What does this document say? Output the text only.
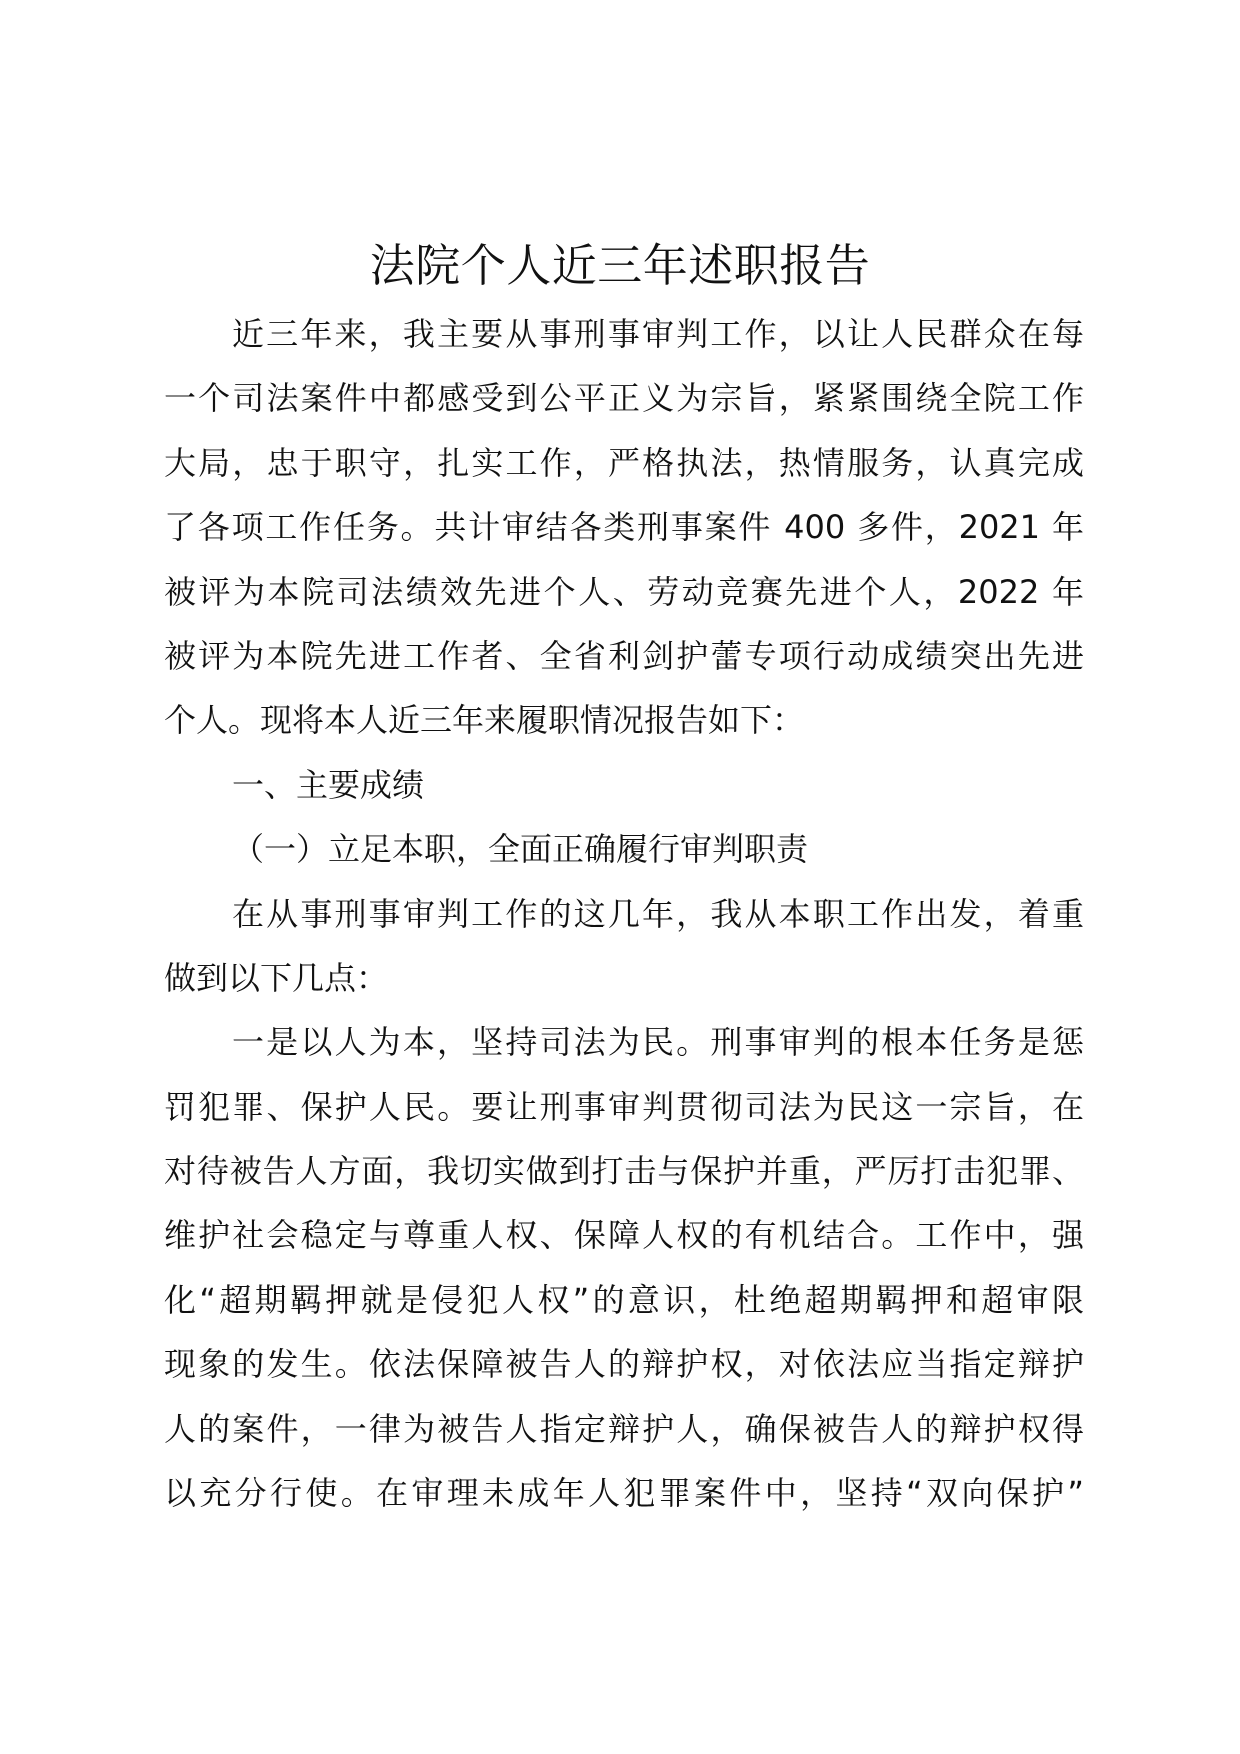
法院个人近三年述职报告
近三年来，我主要从事刑事审判工作，以让人民群众在每
一个司法案件中都感受到公平正义为宗旨，紧紧围绕全院工作
大局，忠于职守，扎实工作，严格执法，热情服务，认真完成
了各项工作任务。共计审结各类刑事案件 400 多件，2021 年
被评为本院司法绩效先进个人、劳动竞赛先进个人，2022 年
被评为本院先进工作者、全省利剑护蕾专项行动成绩突出先进
个人。现将本人近三年来履职情况报告如下：
一、主要成绩
（一）立足本职，全面正确履行审判职责
在从事刑事审判工作的这几年，我从本职工作出发，着重
做到以下几点：
一是以人为本，坚持司法为民。刑事审判的根本任务是惩
罚犯罪、保护人民。要让刑事审判贯彻司法为民这一宗旨，在
对待被告人方面，我切实做到打击与保护并重，严厉打击犯罪、
维护社会稳定与尊重人权、保障人权的有机结合。工作中，强
化“超期羁押就是侵犯人权”的意识，杜绝超期羁押和超审限
现象的发生。依法保障被告人的辩护权，对依法应当指定辩护
人的案件，一律为被告人指定辩护人，确保被告人的辩护权得
以充分行使。在审理未成年人犯罪案件中，坚持“双向保护”
